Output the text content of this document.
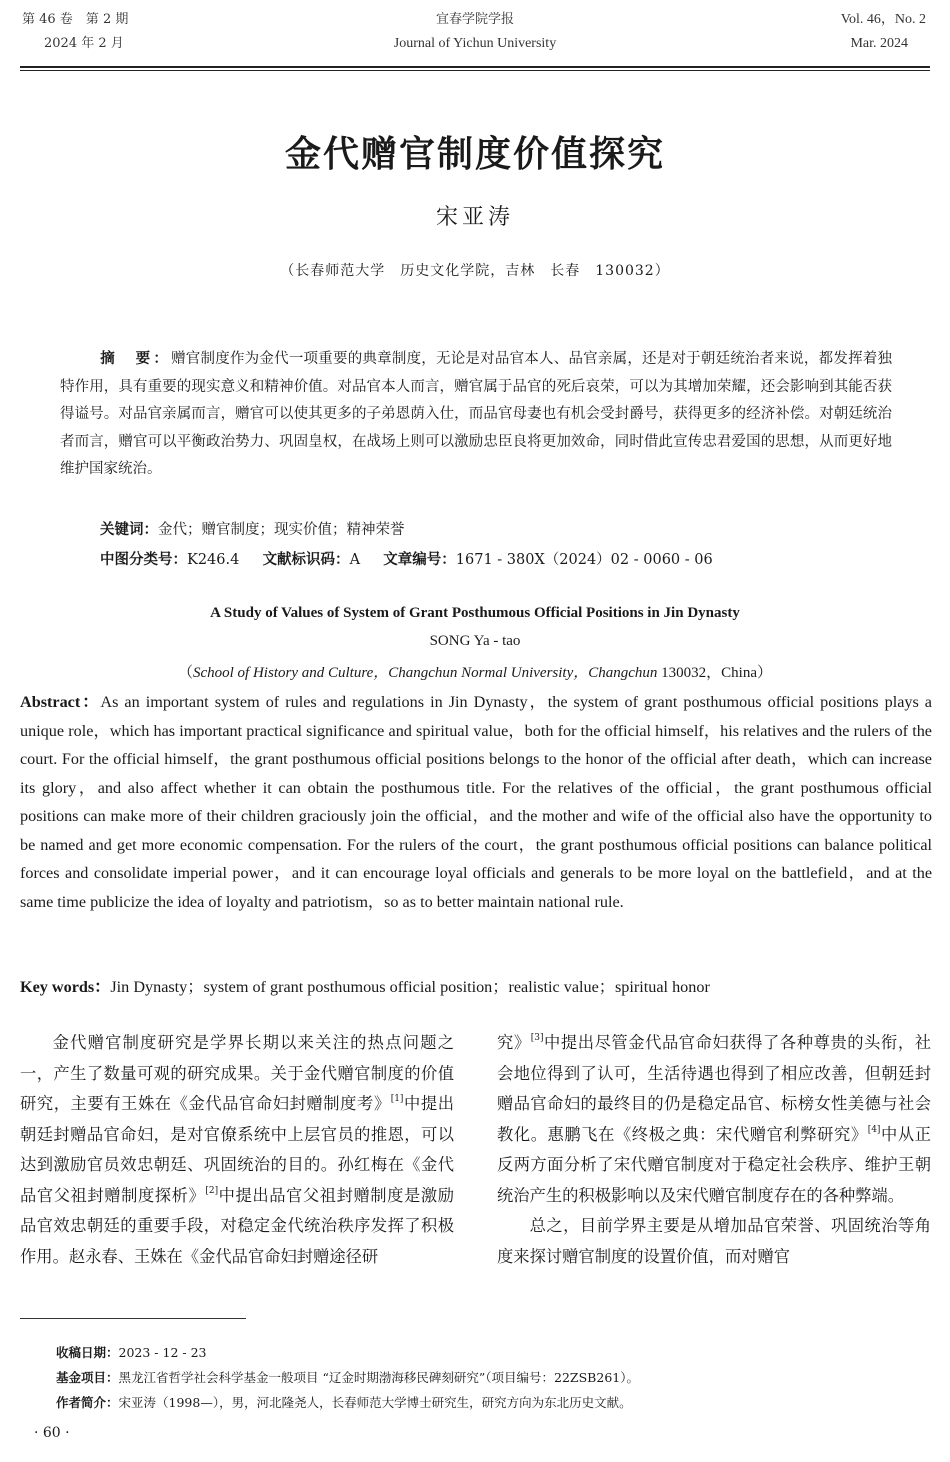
第 46 卷　第 2 期
2024 年 2 月
宜春学院学报
Journal of Yichun University
Vol. 46，No. 2
Mar. 2024
金代赠官制度价值探究
宋亚涛
（长春师范大学　历史文化学院，吉林　长春　130032）
摘　要：赠官制度作为金代一项重要的典章制度，无论是对品官本人、品官亲属，还是对于朝廷统治者来说，都发挥着独特作用，具有重要的现实意义和精神价值。对品官本人而言，赠官属于品官的死后哀荣，可以为其增加荣耀，还会影响到其能否获得谥号。对品官亲属而言，赠官可以使其更多的子弟恩荫入仕，而品官母妻也有机会受封爵号，获得更多的经济补偿。对朝廷统治者而言，赠官可以平衡政治势力、巩固皇权，在战场上则可以激励忠臣良将更加效命，同时借此宣传忠君爱国的思想，从而更好地维护国家统治。
关键词：金代；赠官制度；现实价值；精神荣誉
中图分类号：K246.4 文献标识码：A 文章编号：1671 - 380X（2024）02 - 0060 - 06
A Study of Values of System of Grant Posthumous Official Positions in Jin Dynasty
SONG Ya - tao
（School of History and Culture，Changchun Normal University，Changchun 130032，China）
Abstract：As an important system of rules and regulations in Jin Dynasty，the system of grant posthumous official positions plays a unique role，which has important practical significance and spiritual value，both for the official himself，his relatives and the rulers of the court. For the official himself，the grant posthumous official positions belongs to the honor of the official after death，which can increase its glory，and also affect whether it can obtain the posthumous title. For the relatives of the official，the grant posthumous official positions can make more of their children graciously join the official，and the mother and wife of the official also have the opportunity to be named and get more economic compensation. For the rulers of the court，the grant posthumous official positions can balance political forces and consolidate imperial power，and it can encourage loyal officials and generals to be more loyal on the battlefield，and at the same time publicize the idea of loyalty and patriotism，so as to better maintain national rule.
Key words：Jin Dynasty；system of grant posthumous official position；realistic value；spiritual honor

金代赠官制度研究是学界长期以来关注的热点问题之一，产生了数量可观的研究成果。关于金代赠官制度的价值研究，主要有王姝在《金代品官命妇封赠制度考》[1]中提出朝廷封赠品官命妇，是对官僚系统中上层官员的推恩，可以达到激励官员效忠朝廷、巩固统治的目的。孙红梅在《金代品官父祖封赠制度探析》[2]中提出品官父祖封赠制度是激励品官效忠朝廷的重要手段，对稳定金代统治秩序发挥了积极作用。赵永春、王姝在《金代品官命妇封赠途径研

究》[3]中提出尽管金代品官命妇获得了各种尊贵的头衔，社会地位得到了认可，生活待遇也得到了相应改善，但朝廷封赠品官命妇的最终目的仍是稳定品官、标榜女性美德与社会教化。惠鹏飞在《终极之典：宋代赠官利弊研究》[4]中从正反两方面分析了宋代赠官制度对于稳定社会秩序、维护王朝统治产生的积极影响以及宋代赠官制度存在的各种弊端。

总之，目前学界主要是从增加品官荣誉、巩固统治等角度来探讨赠官制度的设置价值，而对赠官

收稿日期：2023 - 12 - 23
基金项目：黑龙江省哲学社会科学基金一般项目 “辽金时期渤海移民碑刻研究”（项目编号：22ZSB261）。
作者简介：宋亚涛（1998—），男，河北隆尧人，长春师范大学博士研究生，研究方向为东北历史文献。
· 60 ·
